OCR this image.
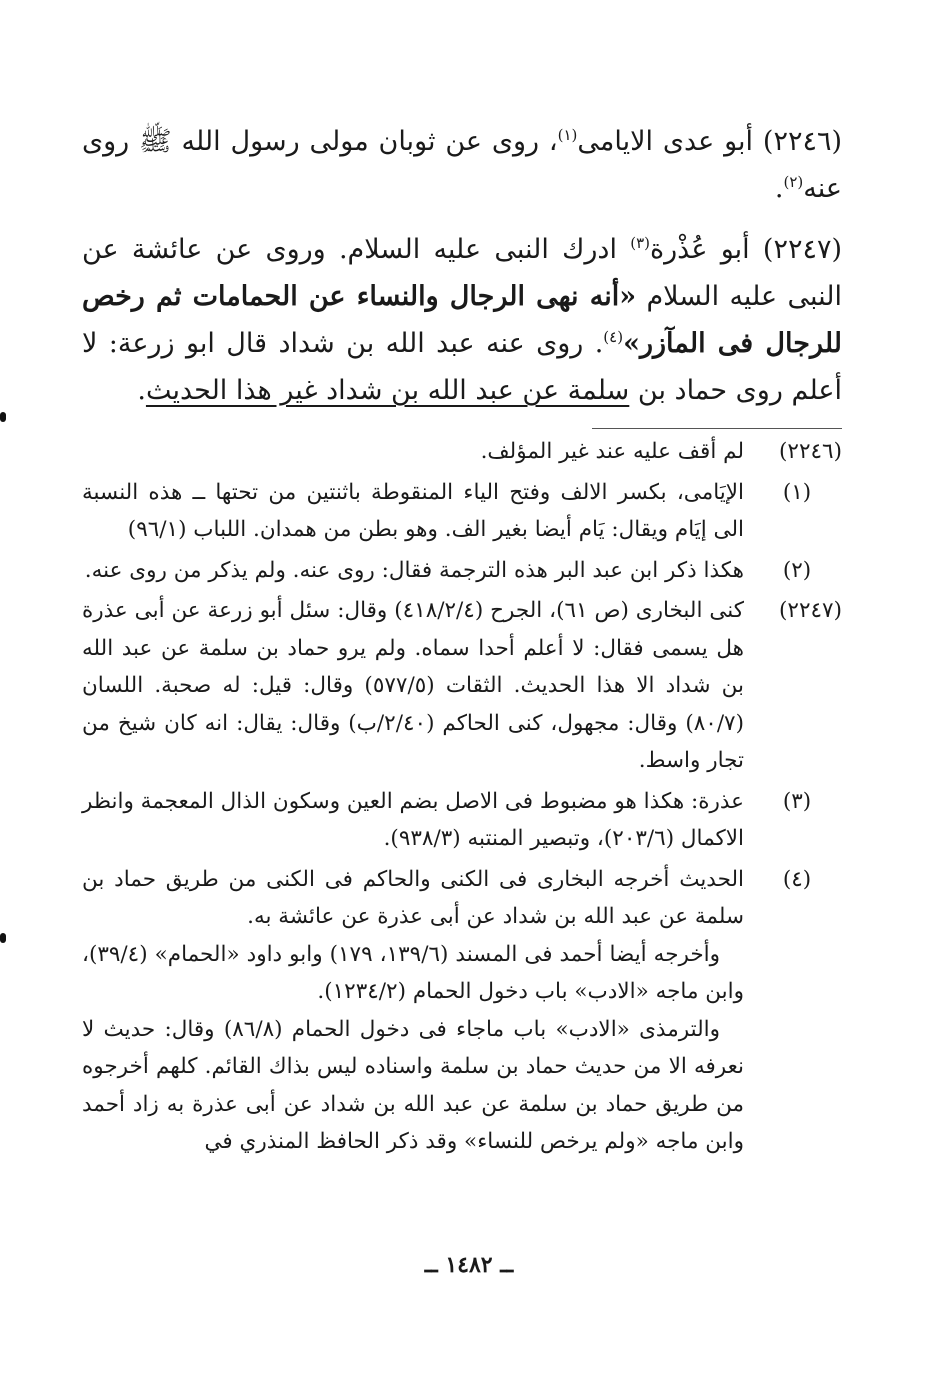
(٢٢٤٦) أبو عدى الايامى$^{(١)}$، روى عن ثوبان مولى رسول الله ﷺ روى عنه$^{(٢)}$.

(٢٢٤٧) أبو عُذْرة$^{(٣)}$ ادرك النبى عليه السلام. وروى عن عائشة عن النبى عليه السلام «أنه نهى الرجال والنساء عن الحمامات ثم رخص للرجال فى المآزر»$^{(٤)}$. روى عنه عبد الله بن شداد قال ابو زرعة: لا أعلم روى حماد بن سلمة عن عبد الله بن شداد غير هذا الحديث.

(٢٢٤٦)

لم أقف عليه عند غير المؤلف.

(١)

الإيَامى، بكسر الالف وفتح الياء المنقوطة باثنتين من تحتها ــ هذه النسبة الى إيَام ويقال: يَام أيضا بغير الف. وهو بطن من همدان. اللباب (٩٦/١)

(٢)

هكذا ذكر ابن عبد البر هذه الترجمة فقال: روى عنه. ولم يذكر من روى عنه.

(٢٢٤٧)

كنى البخارى (ص ٦١)، الجرح (٤١٨/٢/٤) وقال: سئل أبو زرعة عن أبى عذرة هل يسمى فقال: لا أعلم أحدا سماه. ولم يرو حماد بن سلمة عن عبد الله بن شداد الا هذا الحديث. الثقات (٥٧٧/٥) وقال: قيل: له صحبة. اللسان (٨٠/٧) وقال: مجهول، كنى الحاكم (٢/٤٠/ب) وقال: يقال: انه كان شيخ من تجار واسط.

(٣)

عذرة: هكذا هو مضبوط فى الاصل بضم العين وسكون الذال المعجمة وانظر الاكمال (٢٠٣/٦)، وتبصير المنتبه (٩٣٨/٣).

(٤)

الحديث أخرجه البخارى فى الكنى والحاكم فى الكنى من طريق حماد بن سلمة عن عبد الله بن شداد عن أبى عذرة عن عائشة به.

وأخرجه أيضا أحمد فى المسند (١٣٩/٦، ١٧٩) وابو داود «الحمام» (٣٩/٤)، وابن ماجه «الادب» باب دخول الحمام (١٢٣٤/٢).

والترمذى «الادب» باب ماجاء فى دخول الحمام (٨٦/٨) وقال: حديث لا نعرفه الا من حديث حماد بن سلمة واسناده ليس بذاك القائم. كلهم أخرجوه من طريق حماد بن سلمة عن عبد الله بن شداد عن أبى عذرة به زاد أحمد وابن ماجه «ولم يرخص للنساء» وقد ذكر الحافظ المنذري في

ــ ١٤٨٢ ــ
